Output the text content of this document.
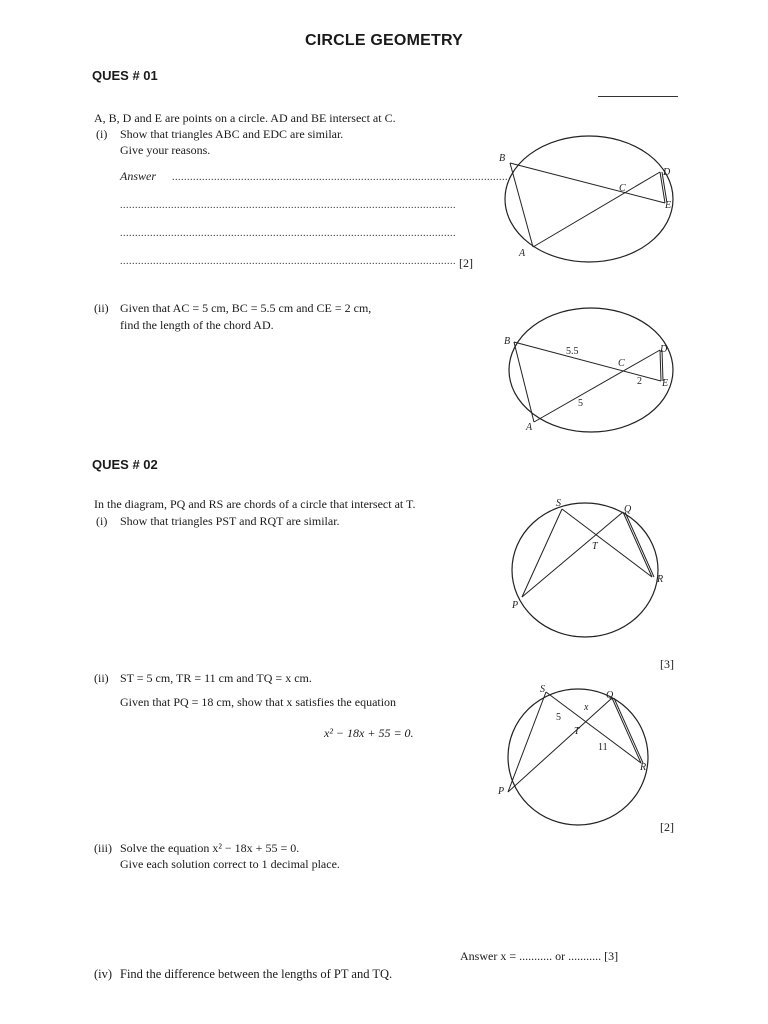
CIRCLE GEOMETRY
QUES # 01
A, B, D and E are points on a circle. AD and BE intersect at C.
(i) Show that triangles ABC and EDC are similar.
Give your reasons.
Answer ................................................................................................................
................................................................................................................
................................................................................................................
................................................................................................................ [2]
B
C
D
E
A
(ii) Given that AC = 5 cm, BC = 5.5 cm and CE = 2 cm,
find the length of the chord AD.
B
C
D
E
A
5.5
2
5
QUES # 02
In the diagram, PQ and RS are chords of a circle that intersect at T.
(i) Show that triangles PST and RQT are similar.
S
Q
T
R
P
[3]
(ii) ST = 5 cm, TR = 11 cm and TQ = x cm.
Given that PQ = 18 cm, show that x satisfies the equation
x² − 18x + 55 = 0.
S
Q
T
R
P
5
x
11
[2]
(iii) Solve the equation x² − 18x + 55 = 0.
Give each solution correct to 1 decimal place.
Answer x = ........... or ........... [3]
(iv) Find the difference between the lengths of PT and TQ.
